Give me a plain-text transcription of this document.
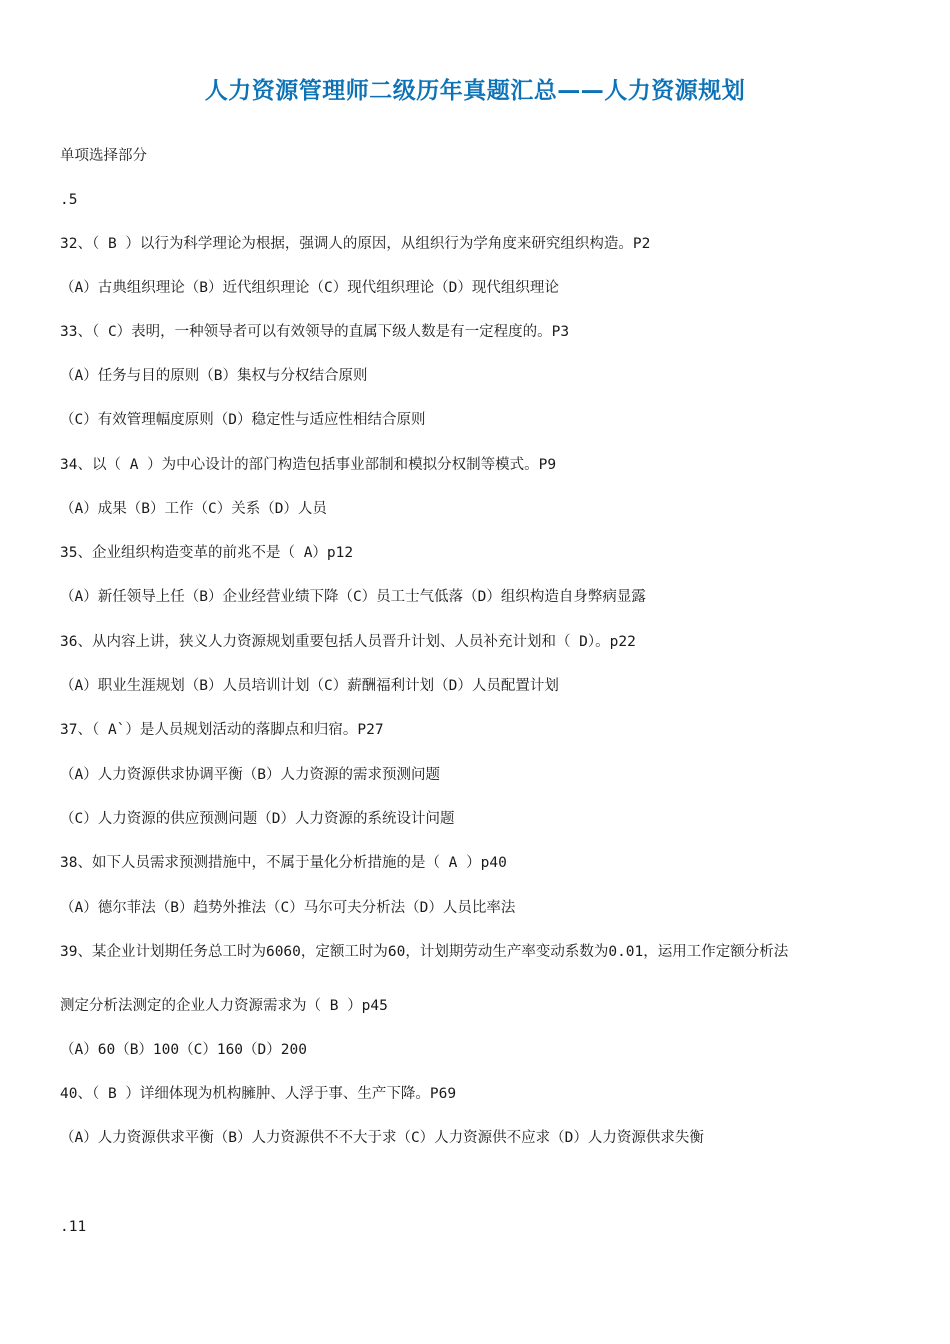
人力资源管理师二级历年真题汇总——人力资源规划
单项选择部分
.5
32、（ B ）以行为科学理论为根据，强调人的原因，从组织行为学角度来研究组织构造。P2
（A）古典组织理论（B）近代组织理论（C）现代组织理论（D）现代组织理论
33、（ C）表明，一种领导者可以有效领导的直属下级人数是有一定程度的。P3
（A）任务与目的原则（B）集权与分权结合原则
（C）有效管理幅度原则（D）稳定性与适应性相结合原则
34、以（ A ）为中心设计的部门构造包括事业部制和模拟分权制等模式。P9
（A）成果（B）工作（C）关系（D）人员
35、企业组织构造变革的前兆不是（ A）p12
（A）新任领导上任（B）企业经营业绩下降（C）员工士气低落（D）组织构造自身弊病显露
36、从内容上讲，狭义人力资源规划重要包括人员晋升计划、人员补充计划和（ D）。p22
（A）职业生涯规划（B）人员培训计划（C）薪酬福利计划（D）人员配置计划
37、（ A`）是人员规划活动的落脚点和归宿。P27
（A）人力资源供求协调平衡（B）人力资源的需求预测问题
（C）人力资源的供应预测问题（D）人力资源的系统设计问题
38、如下人员需求预测措施中，不属于量化分析措施的是（ A ）p40
（A）德尔菲法（B）趋势外推法（C）马尔可夫分析法（D）人员比率法
39、某企业计划期任务总工时为6060，定额工时为60，计划期劳动生产率变动系数为0.01，运用工作定额分析法
测定分析法测定的企业人力资源需求为（ B ）p45
（A）60（B）100（C）160（D）200
40、（ B ）详细体现为机构臃肿、人浮于事、生产下降。P69
（A）人力资源供求平衡（B）人力资源供不不大于求（C）人力资源供不应求（D）人力资源供求失衡
.11
